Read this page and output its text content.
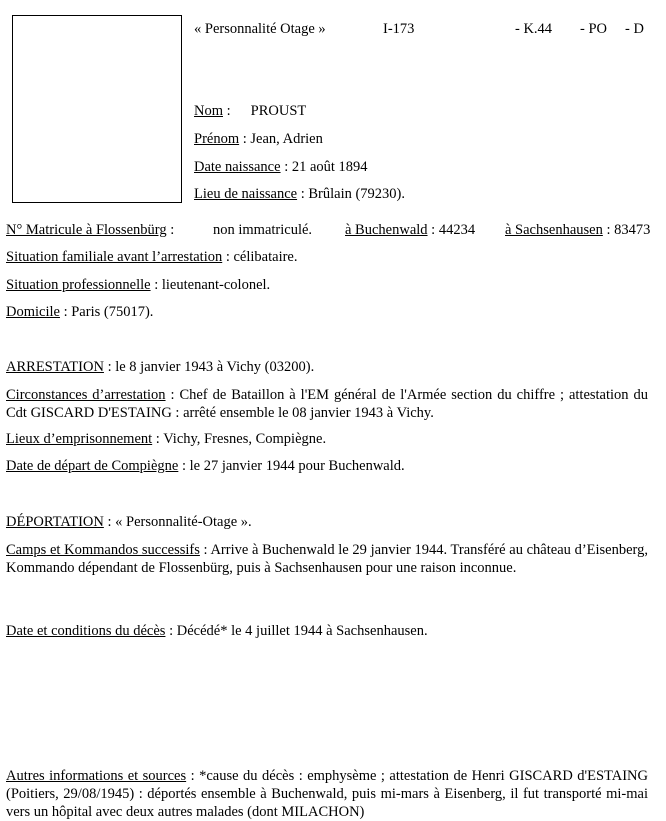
« Personnalité Otage »	I-173	- K.44 - PO - D
Nom : PROUST
Prénom : Jean, Adrien
Date naissance : 21 août 1894
Lieu de naissance : Brûlain (79230).
N° Matricule à Flossenbürg :	non immatriculé. à Buchenwald : 44234 à Sachsenhausen : 83473
Situation familiale avant l’arrestation : célibataire.
Situation professionnelle : lieutenant-colonel.
Domicile : Paris (75017).
ARRESTATION : le 8 janvier 1943 à Vichy (03200).
Circonstances d’arrestation : Chef de Bataillon à l'EM général de l'Armée section du chiffre ; attestation du Cdt GISCARD D'ESTAING : arrêté ensemble le 08 janvier 1943 à Vichy.
Lieux d’emprisonnement : Vichy, Fresnes, Compiègne.
Date de départ de Compiègne : le 27 janvier 1944 pour Buchenwald.
DÉPORTATION : « Personnalité-Otage ».
Camps et Kommandos successifs : Arrive à Buchenwald le 29 janvier 1944. Transféré au château d’Eisenberg, Kommando dépendant de Flossenbürg, puis à Sachsenhausen pour une raison inconnue.
Date et conditions du décès : Décédé* le 4 juillet 1944 à Sachsenhausen.
Autres informations et sources : *cause du décès : emphysème ; attestation de Henri GISCARD d'ESTAING (Poitiers, 29/08/1945) : déportés ensemble à Buchenwald, puis mi-mars à Eisenberg, il fut transporté mi-mai vers un hôpital avec deux autres malades (dont MILACHON)
